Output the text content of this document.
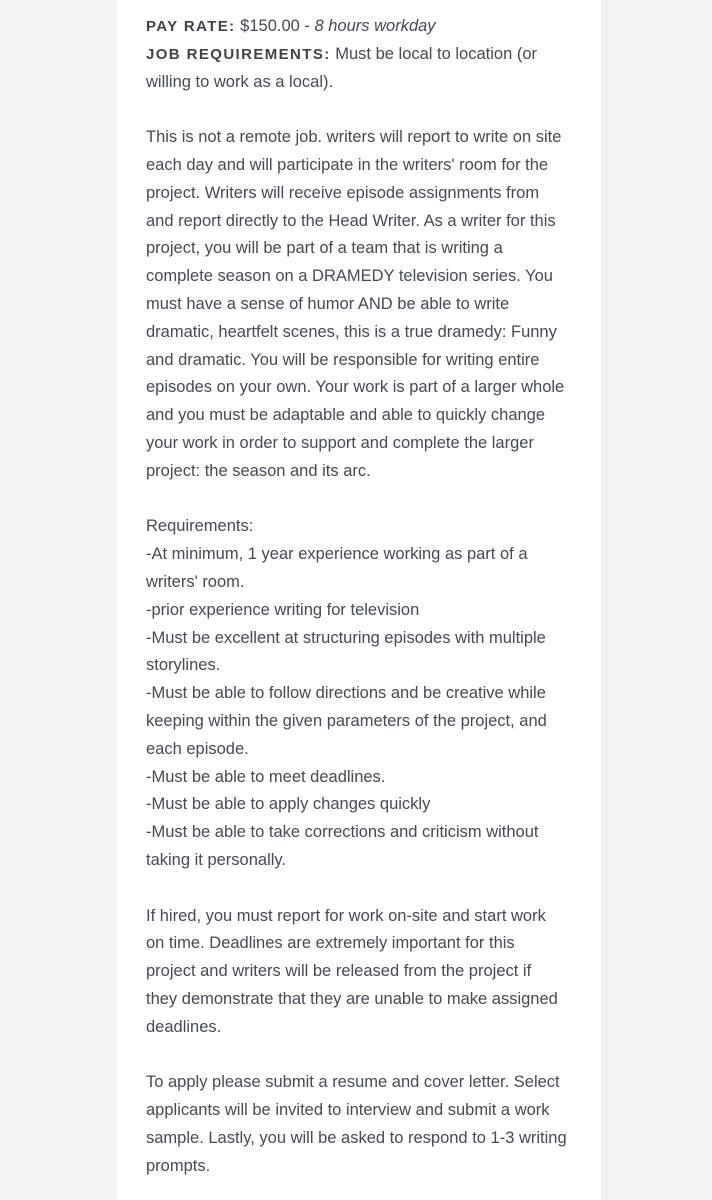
PAY RATE: $150.00 - 8 hours workday
JOB REQUIREMENTS: Must be local to location (or
willing to work as a local).
This is not a remote job. writers will report to write on site
each day and will participate in the writers' room for the
project. Writers will receive episode assignments from
and report directly to the Head Writer. As a writer for this
project, you will be part of a team that is writing a
complete season on a DRAMEDY television series. You
must have a sense of humor AND be able to write
dramatic, heartfelt scenes, this is a true dramedy: Funny
and dramatic. You will be responsible for writing entire
episodes on your own. Your work is part of a larger whole
and you must be adaptable and able to quickly change
your work in order to support and complete the larger
project: the season and its arc.
Requirements:
-At minimum, 1 year experience working as part of a
writers' room.
-prior experience writing for television
-Must be excellent at structuring episodes with multiple
storylines.
-Must be able to follow directions and be creative while
keeping within the given parameters of the project, and
each episode.
-Must be able to meet deadlines.
-Must be able to apply changes quickly
-Must be able to take corrections and criticism without
taking it personally.
If hired, you must report for work on-site and start work
on time. Deadlines are extremely important for this
project and writers will be released from the project if
they demonstrate that they are unable to make assigned
deadlines.
To apply please submit a resume and cover letter. Select
applicants will be invited to interview and submit a work
sample. Lastly, you will be asked to respond to 1-3 writing
prompts.
